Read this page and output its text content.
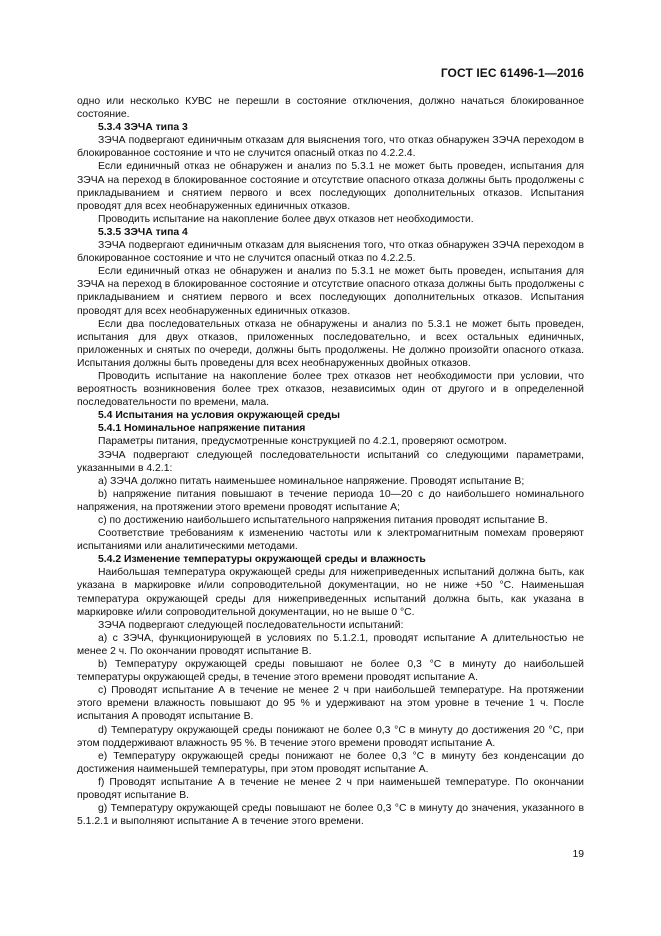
ГОСТ IEC 61496-1—2016

одно или несколько КУВС не перешли в состояние отключения, должно начаться блокированное состояние.

5.3.4 ЗЭЧА типа 3

ЗЭЧА подвергают единичным отказам для выяснения того, что отказ обнаружен ЗЭЧА переходом в блокированное состояние и что не случится опасный отказ по 4.2.2.4.

Если единичный отказ не обнаружен и анализ по 5.3.1 не может быть проведен, испытания для ЗЭЧА на переход в блокированное состояние и отсутствие опасного отказа должны быть продолжены с прикладыванием и снятием первого и всех последующих дополнительных отказов. Испытания проводят для всех необнаруженных единичных отказов.

Проводить испытание на накопление более двух отказов нет необходимости.

5.3.5 ЗЭЧА типа 4

ЗЭЧА подвергают единичным отказам для выяснения того, что отказ обнаружен ЗЭЧА переходом в блокированное состояние и что не случится опасный отказ по 4.2.2.5.

Если единичный отказ не обнаружен и анализ по 5.3.1 не может быть проведен, испытания для ЗЭЧА на переход в блокированное состояние и отсутствие опасного отказа должны быть продолжены с прикладыванием и снятием первого и всех последующих дополнительных отказов. Испытания проводят для всех необнаруженных единичных отказов.

Если два последовательных отказа не обнаружены и анализ по 5.3.1 не может быть проведен, испытания для двух отказов, приложенных последовательно, и всех остальных единичных, приложенных и снятых по очереди, должны быть продолжены. Не должно произойти опасного отказа. Испытания должны быть проведены для всех необнаруженных двойных отказов.

Проводить испытание на накопление более трех отказов нет необходимости при условии, что вероятность возникновения более трех отказов, независимых один от другого и в определенной последовательности по времени, мала.

5.4 Испытания на условия окружающей среды

5.4.1 Номинальное напряжение питания

Параметры питания, предусмотренные конструкцией по 4.2.1, проверяют осмотром.

ЗЭЧА подвергают следующей последовательности испытаний со следующими параметрами, указанными в 4.2.1:

a) ЗЭЧА должно питать наименьшее номинальное напряжение. Проводят испытание В;

b) напряжение питания повышают в течение периода 10—20 с до наибольшего номинального напряжения, на протяжении этого времени проводят испытание А;

c) по достижению наибольшего испытательного напряжения питания проводят испытание В.

Соответствие требованиям к изменению частоты или к электромагнитным помехам проверяют испытаниями или аналитическими методами.

5.4.2 Изменение температуры окружающей среды и влажность

Наибольшая температура окружающей среды для нижеприведенных испытаний должна быть, как указана в маркировке и/или сопроводительной документации, но не ниже +50 °С. Наименьшая температура окружающей среды для нижеприведенных испытаний должна быть, как указана в маркировке и/или сопроводительной документации, но не выше 0 °С.

ЗЭЧА подвергают следующей последовательности испытаний:

a) с ЗЭЧА, функционирующей в условиях по 5.1.2.1, проводят испытание А длительностью не менее 2 ч. По окончании проводят испытание В.

b) Температуру окружающей среды повышают не более 0,3 °С в минуту до наибольшей температуры окружающей среды, в течение этого времени проводят испытание А.

c) Проводят испытание А в течение не менее 2 ч при наибольшей температуре. На протяжении этого времени влажность повышают до 95 % и удерживают на этом уровне в течение 1 ч. После испытания А проводят испытание В.

d) Температуру окружающей среды понижают не более 0,3 °С в минуту до достижения 20 °С, при этом поддерживают влажность 95 %. В течение этого времени проводят испытание А.

e) Температуру окружающей среды понижают не более 0,3 °С в минуту без конденсации до достижения наименьшей температуры, при этом проводят испытание А.

f) Проводят испытание А в течение не менее 2 ч при наименьшей температуре. По окончании проводят испытание В.

g) Температуру окружающей среды повышают не более 0,3 °С в минуту до значения, указанного в 5.1.2.1 и выполняют испытание А в течение этого времени.

19
